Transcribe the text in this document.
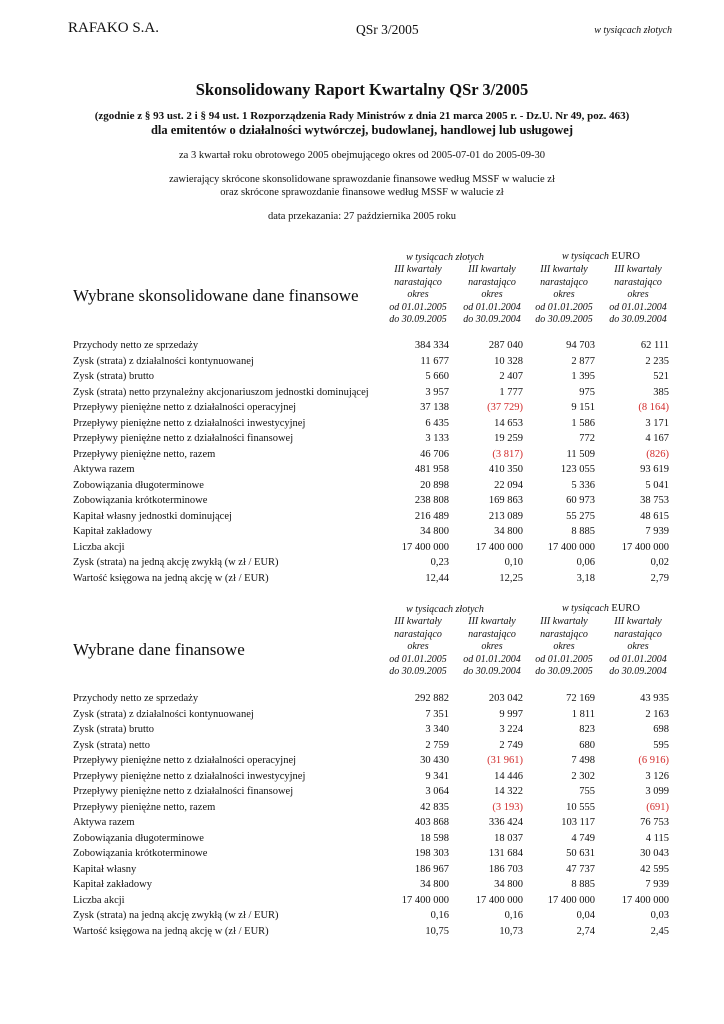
RAFAKO S.A.	QSr 3/2005	w tysiącach złotych
Skonsolidowany Raport Kwartalny QSr 3/2005
(zgodnie z § 93 ust. 2 i § 94 ust. 1 Rozporządzenia Rady Ministrów z dnia 21 marca 2005 r. - Dz.U. Nr 49, poz. 463)
dla emitentów o działalności wytwórczej, budowlanej, handlowej lub usługowej
za 3 kwartał roku obrotowego 2005 obejmującego okres od 2005-07-01 do 2005-09-30
zawierający skrócone skonsolidowane sprawozdanie finansowe według MSSF w walucie zł
oraz skrócone sprawozdanie finansowe według MSSF w walucie zł
data przekazania: 27 października 2005 roku
w tysiącach złotych	w tysiącach EURO
III kwartały
narastająco
okres
od 01.01.2005
do 30.09.2005
III kwartały
narastająco
okres
od 01.01.2004
do 30.09.2004
III kwartały
narastająco
okres
od 01.01.2005
do 30.09.2005
III kwartały
narastająco
okres
od 01.01.2004
do 30.09.2004
Wybrane skonsolidowane dane finansowe
Przychody netto ze sprzedaży	384 334	287 040	94 703	62 111
Zysk (strata) z działalności kontynuowanej	11 677	10 328	2 877	2 235
Zysk (strata) brutto	5 660	2 407	1 395	521
Zysk (strata) netto przynależny akcjonariuszom jednostki dominującej	3 957	1 777	975	385
Przepływy pieniężne netto z działalności operacyjnej	37 138	(37 729)	9 151	(8 164)
Przepływy pieniężne netto z działalności inwestycyjnej	6 435	14 653	1 586	3 171
Przepływy pieniężne netto z działalności finansowej	3 133	19 259	772	4 167
Przepływy pieniężne netto, razem	46 706	(3 817)	11 509	(826)
Aktywa razem	481 958	410 350	123 055	93 619
Zobowiązania długoterminowe	20 898	22 094	5 336	5 041
Zobowiązania krótkoterminowe	238 808	169 863	60 973	38 753
Kapitał własny jednostki dominującej	216 489	213 089	55 275	48 615
Kapitał zakładowy	34 800	34 800	8 885	7 939
Liczba akcji	17 400 000	17 400 000	17 400 000	17 400 000
Zysk (strata) na jedną akcję zwykłą (w zł / EUR)	0,23	0,10	0,06	0,02
Wartość księgowa na jedną akcję w (zł / EUR)	12,44	12,25	3,18	2,79
w tysiącach złotych	w tysiącach EURO
III kwartały
narastająco
okres
od 01.01.2005
do 30.09.2005
III kwartały
narastająco
okres
od 01.01.2004
do 30.09.2004
III kwartały
narastająco
okres
od 01.01.2005
do 30.09.2005
III kwartały
narastająco
okres
od 01.01.2004
do 30.09.2004
Wybrane dane finansowe
Przychody netto ze sprzedaży	292 882	203 042	72 169	43 935
Zysk (strata) z działalności kontynuowanej	7 351	9 997	1 811	2 163
Zysk (strata) brutto	3 340	3 224	823	698
Zysk (strata) netto	2 759	2 749	680	595
Przepływy pieniężne netto z działalności operacyjnej	30 430	(31 961)	7 498	(6 916)
Przepływy pieniężne netto z działalności inwestycyjnej	9 341	14 446	2 302	3 126
Przepływy pieniężne netto z działalności finansowej	3 064	14 322	755	3 099
Przepływy pieniężne netto, razem	42 835	(3 193)	10 555	(691)
Aktywa razem	403 868	336 424	103 117	76 753
Zobowiązania długoterminowe	18 598	18 037	4 749	4 115
Zobowiązania krótkoterminowe	198 303	131 684	50 631	30 043
Kapitał własny	186 967	186 703	47 737	42 595
Kapitał zakładowy	34 800	34 800	8 885	7 939
Liczba akcji	17 400 000	17 400 000	17 400 000	17 400 000
Zysk (strata) na jedną akcję zwykłą (w zł / EUR)	0,16	0,16	0,04	0,03
Wartość księgowa na jedną akcję w (zł / EUR)	10,75	10,73	2,74	2,45
